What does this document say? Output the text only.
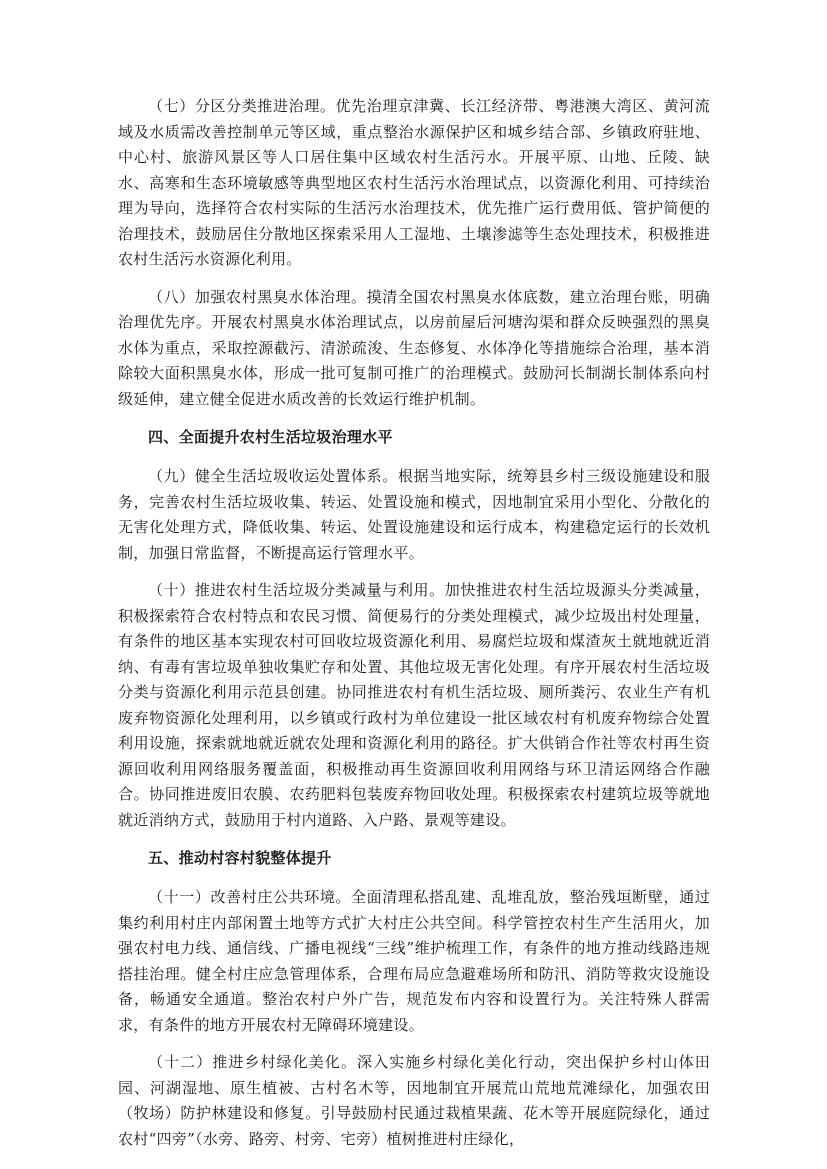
（七）分区分类推进治理。优先治理京津冀、长江经济带、粤港澳大湾区、黄河流域及水质需改善控制单元等区域，重点整治水源保护区和城乡结合部、乡镇政府驻地、中心村、旅游风景区等人口居住集中区域农村生活污水。开展平原、山地、丘陵、缺水、高寒和生态环境敏感等典型地区农村生活污水治理试点，以资源化利用、可持续治理为导向，选择符合农村实际的生活污水治理技术，优先推广运行费用低、管护简便的治理技术，鼓励居住分散地区探索采用人工湿地、土壤渗滤等生态处理技术，积极推进农村生活污水资源化利用。

（八）加强农村黑臭水体治理。摸清全国农村黑臭水体底数，建立治理台账，明确治理优先序。开展农村黑臭水体治理试点，以房前屋后河塘沟渠和群众反映强烈的黑臭水体为重点，采取控源截污、清淤疏浚、生态修复、水体净化等措施综合治理，基本消除较大面积黑臭水体，形成一批可复制可推广的治理模式。鼓励河长制湖长制体系向村级延伸，建立健全促进水质改善的长效运行维护机制。

四、全面提升农村生活垃圾治理水平

（九）健全生活垃圾收运处置体系。根据当地实际，统筹县乡村三级设施建设和服务，完善农村生活垃圾收集、转运、处置设施和模式，因地制宜采用小型化、分散化的无害化处理方式，降低收集、转运、处置设施建设和运行成本，构建稳定运行的长效机制，加强日常监督，不断提高运行管理水平。

（十）推进农村生活垃圾分类减量与利用。加快推进农村生活垃圾源头分类减量，积极探索符合农村特点和农民习惯、简便易行的分类处理模式，减少垃圾出村处理量，有条件的地区基本实现农村可回收垃圾资源化利用、易腐烂垃圾和煤渣灰土就地就近消纳、有毒有害垃圾单独收集贮存和处置、其他垃圾无害化处理。有序开展农村生活垃圾分类与资源化利用示范县创建。协同推进农村有机生活垃圾、厕所粪污、农业生产有机废弃物资源化处理利用，以乡镇或行政村为单位建设一批区域农村有机废弃物综合处置利用设施，探索就地就近就农处理和资源化利用的路径。扩大供销合作社等农村再生资源回收利用网络服务覆盖面，积极推动再生资源回收利用网络与环卫清运网络合作融合。协同推进废旧农膜、农药肥料包装废弃物回收处理。积极探索农村建筑垃圾等就地就近消纳方式，鼓励用于村内道路、入户路、景观等建设。

五、推动村容村貌整体提升

（十一）改善村庄公共环境。全面清理私搭乱建、乱堆乱放，整治残垣断壁，通过集约利用村庄内部闲置土地等方式扩大村庄公共空间。科学管控农村生产生活用火，加强农村电力线、通信线、广播电视线“三线”维护梳理工作，有条件的地方推动线路违规搭挂治理。健全村庄应急管理体系，合理布局应急避难场所和防汛、消防等救灾设施设备，畅通安全通道。整治农村户外广告，规范发布内容和设置行为。关注特殊人群需求，有条件的地方开展农村无障碍环境建设。

（十二）推进乡村绿化美化。深入实施乡村绿化美化行动，突出保护乡村山体田园、河湖湿地、原生植被、古村名木等，因地制宜开展荒山荒地荒滩绿化，加强农田（牧场）防护林建设和修复。引导鼓励村民通过栽植果蔬、花木等开展庭院绿化，通过农村“四旁”（水旁、路旁、村旁、宅旁）植树推进村庄绿化，
